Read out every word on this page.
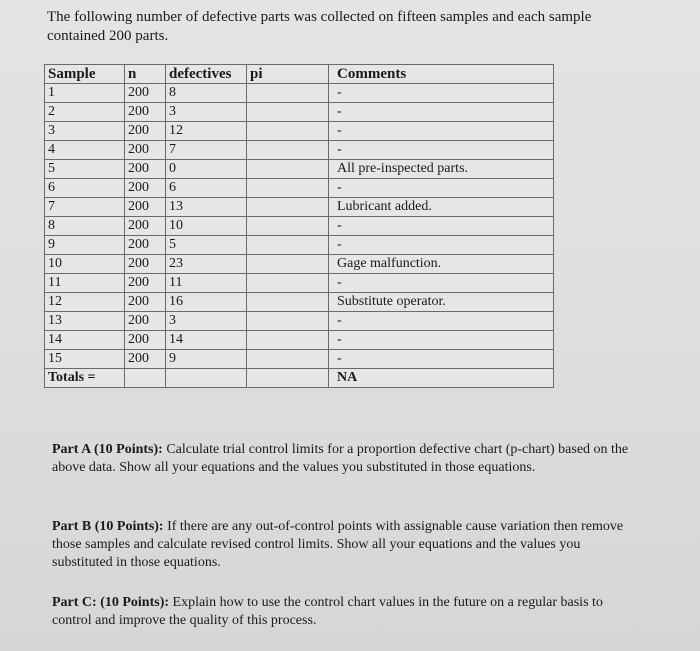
The following number of defective parts was collected on fifteen samples and each sample contained 200 parts.
Sample	n	defectives	pi	Comments
1	200	8		-
2	200	3		-
3	200	12		-
4	200	7		-
5	200	0		All pre-inspected parts.
6	200	6		-
7	200	13		Lubricant added.
8	200	10		-
9	200	5		-
10	200	23		Gage malfunction.
11	200	11		-
12	200	16		Substitute operator.
13	200	3		-
14	200	14		-
15	200	9		-
Totals =				NA
Part A (10 Points): Calculate trial control limits for a proportion defective chart (p-chart) based on the above data. Show all your equations and the values you substituted in those equations.
Part B (10 Points): If there are any out-of-control points with assignable cause variation then remove those samples and calculate revised control limits. Show all your equations and the values you substituted in those equations.
Part C: (10 Points): Explain how to use the control chart values in the future on a regular basis to control and improve the quality of this process.
